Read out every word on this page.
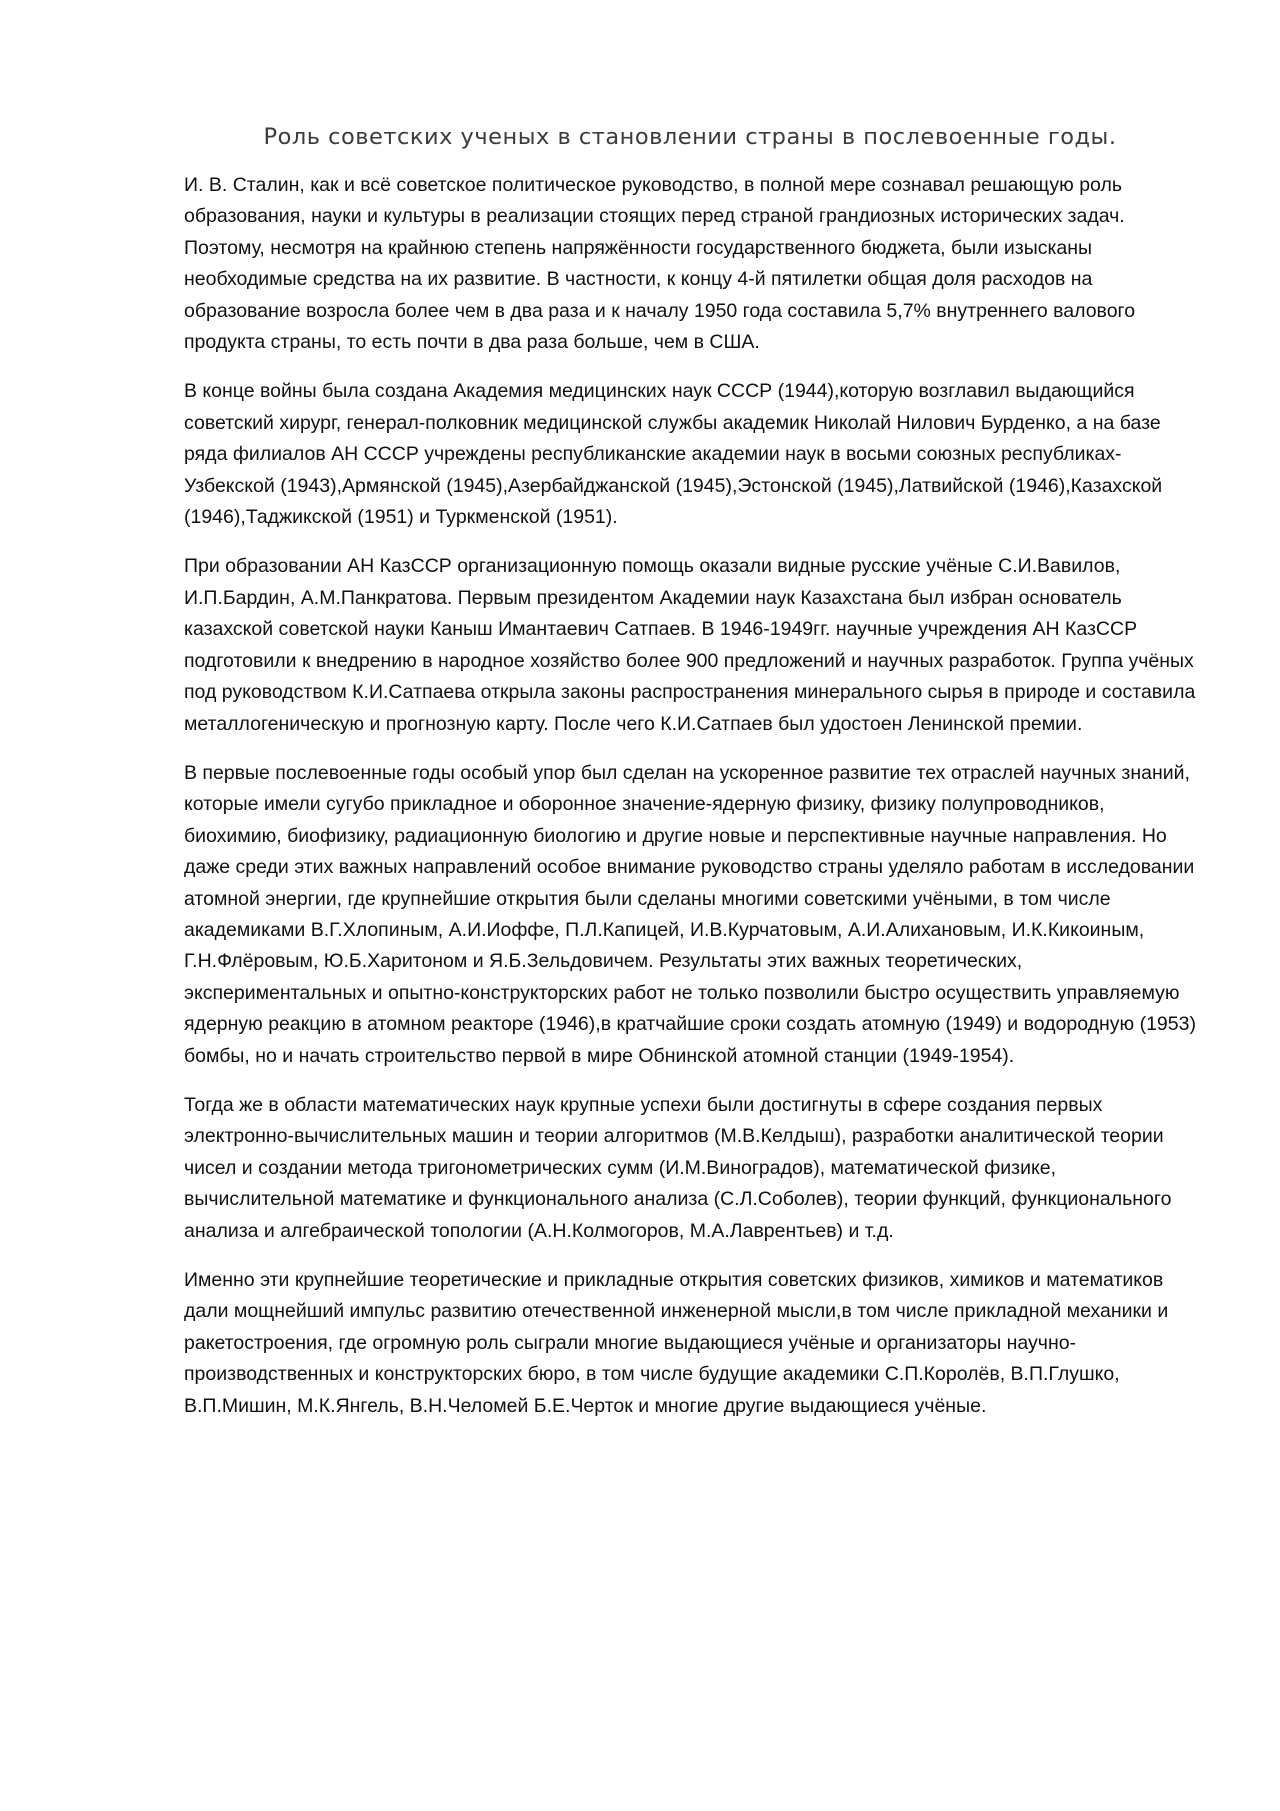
Роль советских ученых в становлении страны в послевоенные годы.

И. В. Сталин, как и всё советское политическое руководство, в полной мере сознавал решающую роль образования, науки и культуры в реализации стоящих перед страной грандиозных исторических задач. Поэтому, несмотря на крайнюю степень напряжённости государственного бюджета, были изысканы необходимые средства на их развитие. В частности, к концу 4-й пятилетки общая доля расходов на образование возросла более чем в два раза и к началу 1950 года составила 5,7% внутреннего валового продукта страны, то есть почти в два раза больше, чем в США.

В конце войны была создана Академия медицинских наук СССР (1944),которую возглавил выдающийся советский хирург, генерал-полковник медицинской службы академик Николай Нилович Бурденко, а на базе ряда филиалов АН СССР учреждены республиканские академии наук в восьми союзных республиках-Узбекской (1943),Армянской (1945),Азербайджанской (1945),Эстонской (1945),Латвийской (1946),Казахской (1946),Таджикской (1951) и Туркменской (1951).

При образовании АН КазССР организационную помощь оказали видные русские учёные С.И.Вавилов, И.П.Бардин, А.М.Панкратова. Первым президентом Академии наук Казахстана был избран основатель казахской советской науки Каныш Имантаевич Сатпаев. В 1946-1949гг. научные учреждения АН КазССР подготовили к внедрению в народное хозяйство более 900 предложений и научных разработок. Группа учёных под руководством К.И.Сатпаева открыла законы распространения минерального сырья в природе и составила металлогеническую и прогнозную карту. После чего К.И.Сатпаев был удостоен Ленинской премии.

В первые послевоенные годы особый упор был сделан на ускоренное развитие тех отраслей научных знаний, которые имели сугубо прикладное и оборонное значение-ядерную физику, физику полупроводников, биохимию, биофизику, радиационную биологию и другие новые и перспективные научные направления. Но даже среди этих важных направлений особое внимание руководство страны уделяло работам в исследовании атомной энергии, где крупнейшие открытия были сделаны многими советскими учёными, в том числе академиками В.Г.Хлопиным, А.И.Иоффе, П.Л.Капицей, И.В.Курчатовым, А.И.Алихановым, И.К.Кикоиным, Г.Н.Флёровым, Ю.Б.Харитоном и Я.Б.Зельдовичем. Результаты этих важных теоретических, экспериментальных и опытно-конструкторских работ не только позволили быстро осуществить управляемую ядерную реакцию в атомном реакторе (1946),в кратчайшие сроки создать атомную (1949) и водородную (1953) бомбы, но и начать строительство первой в мире Обнинской атомной станции (1949-1954).

Тогда же в области математических наук крупные успехи были достигнуты в сфере создания первых электронно-вычислительных машин и теории алгоритмов (М.В.Келдыш), разработки аналитической теории чисел и создании метода тригонометрических сумм (И.М.Виноградов), математической физике, вычислительной математике и функционального анализа (С.Л.Соболев), теории функций, функционального анализа и алгебраической топологии (А.Н.Колмогоров, М.А.Лаврентьев) и т.д.

Именно эти крупнейшие теоретические и прикладные открытия советских физиков, химиков и математиков дали мощнейший импульс развитию отечественной инженерной мысли,в том числе прикладной механики и ракетостроения, где огромную роль сыграли многие выдающиеся учёные и организаторы научно-производственных и конструкторских бюро, в том числе будущие академики С.П.Королёв, В.П.Глушко, В.П.Мишин, М.К.Янгель, В.Н.Челомей Б.Е.Черток и многие другие выдающиеся учёные.
